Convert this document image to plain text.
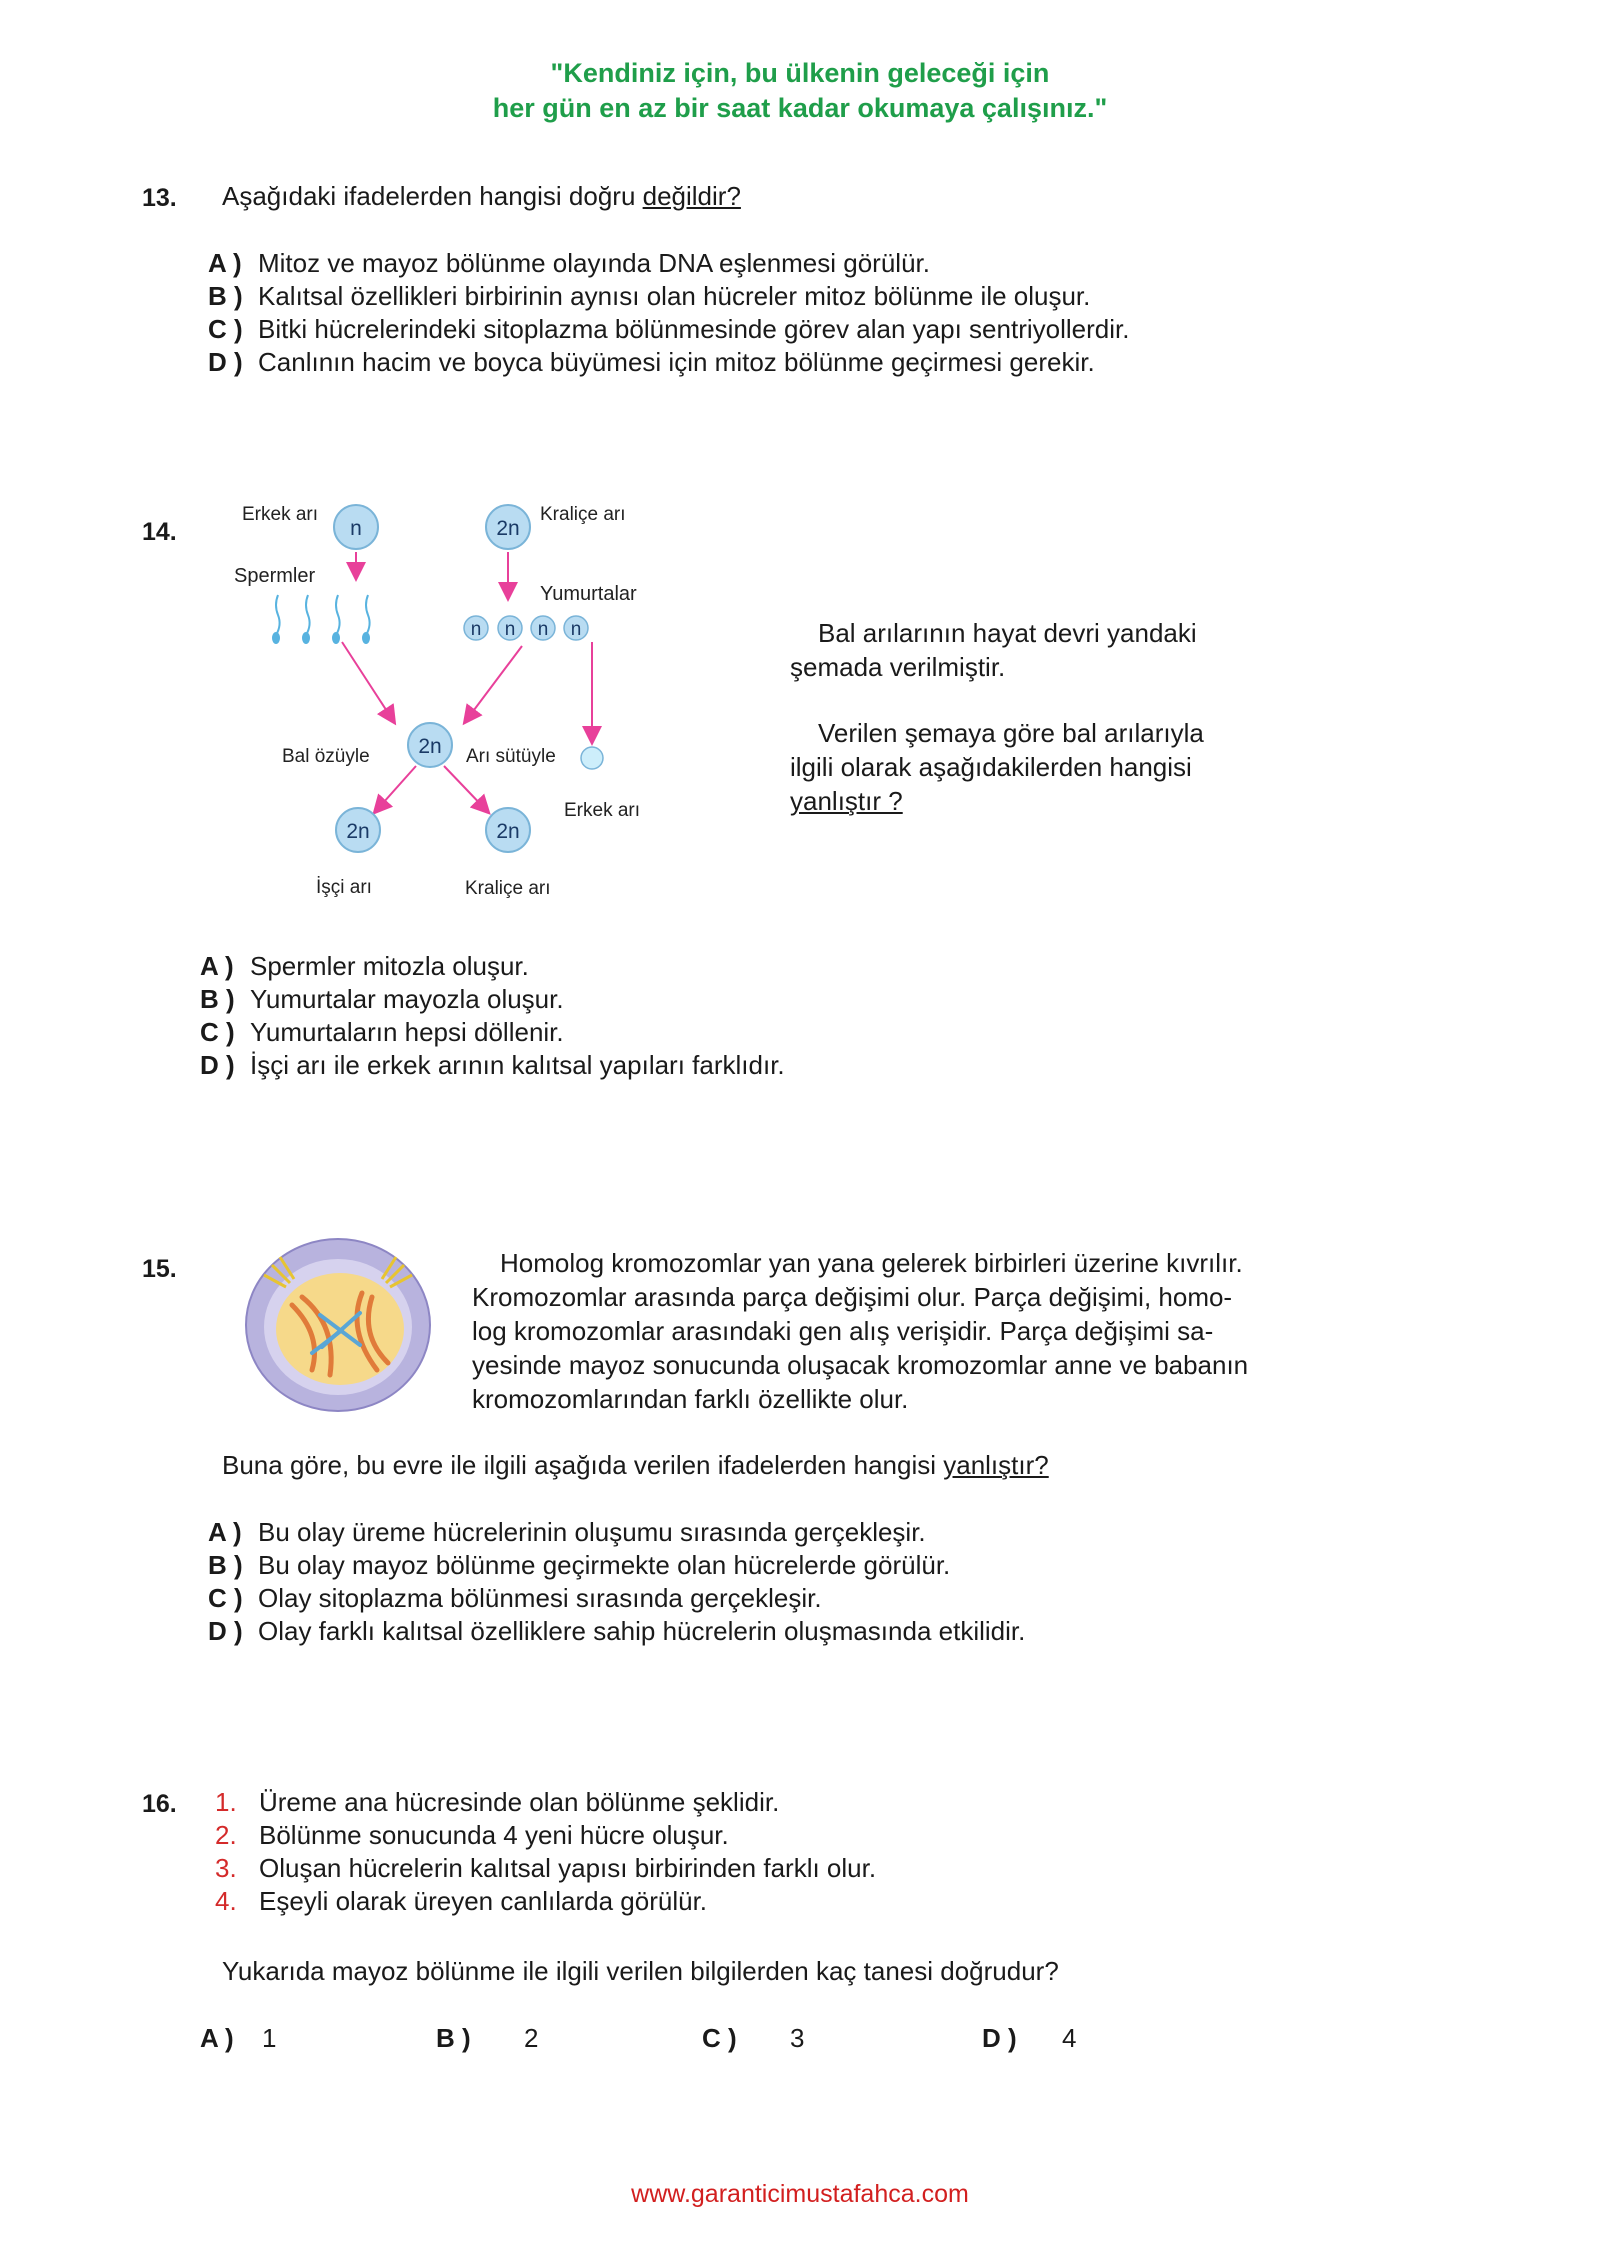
"Kendiniz için, bu ülkenin geleceği için
her gün en az bir saat kadar okumaya çalışınız."
13. Aşağıdaki ifadelerden hangisi doğru değildir?
A ) Mitoz ve mayoz bölünme olayında DNA eşlenmesi görülür.
B ) Kalıtsal özellikleri birbirinin aynısı olan hücreler mitoz bölünme ile oluşur.
C ) Bitki hücrelerindeki sitoplazma bölünmesinde görev alan yapı sentriyollerdir.
D ) Canlının hacim ve boyca büyümesi için mitoz bölünme geçirmesi gerekir.
14.
Erkek arı
n	2n
Kraliçe arı
Spermler
Yumurtalar
n n n n
2n
Bal özüyle	Arı sütüyle
Erkek arı
2n	2n
İşçi arı	Kraliçe arı
Bal arılarının hayat devri yandaki şemada verilmiştir.
Verilen şemaya göre bal arılarıyla ilgili olarak aşağıdakilerden hangisi yanlıştır ?
A ) Spermler mitozla oluşur.
B ) Yumurtalar mayozla oluşur.
C ) Yumurtaların hepsi döllenir.
D ) İşçi arı ile erkek arının kalıtsal yapıları farklıdır.
15.	Homolog kromozomlar yan yana gelerek birbirleri üzerine kıvrılır.
Kromozomlar arasında parça değişimi olur. Parça değişimi, homo-
log kromozomlar arasındaki gen alış verişidir. Parça değişimi sa-
yesinde mayoz sonucunda oluşacak kromozomlar anne ve babanın
kromozomlarından farklı özellikte olur.
Buna göre, bu evre ile ilgili aşağıda verilen ifadelerden hangisi yanlıştır?
A ) Bu olay üreme hücrelerinin oluşumu sırasında gerçekleşir.
B ) Bu olay mayoz bölünme geçirmekte olan hücrelerde görülür.
C ) Olay sitoplazma bölünmesi sırasında gerçekleşir.
D ) Olay farklı kalıtsal özelliklere sahip hücrelerin oluşmasında etkilidir.
16. 1. Üreme ana hücresinde olan bölünme şeklidir.
2. Bölünme sonucunda 4 yeni hücre oluşur.
3. Oluşan hücrelerin kalıtsal yapısı birbirinden farklı olur.
4. Eşeyli olarak üreyen canlılarda görülür.
Yukarıda mayoz bölünme ile ilgili verilen bilgilerden kaç tanesi doğrudur?
A ) 1	B ) 2	C ) 3	D ) 4
www.garanticimustafahca.com
